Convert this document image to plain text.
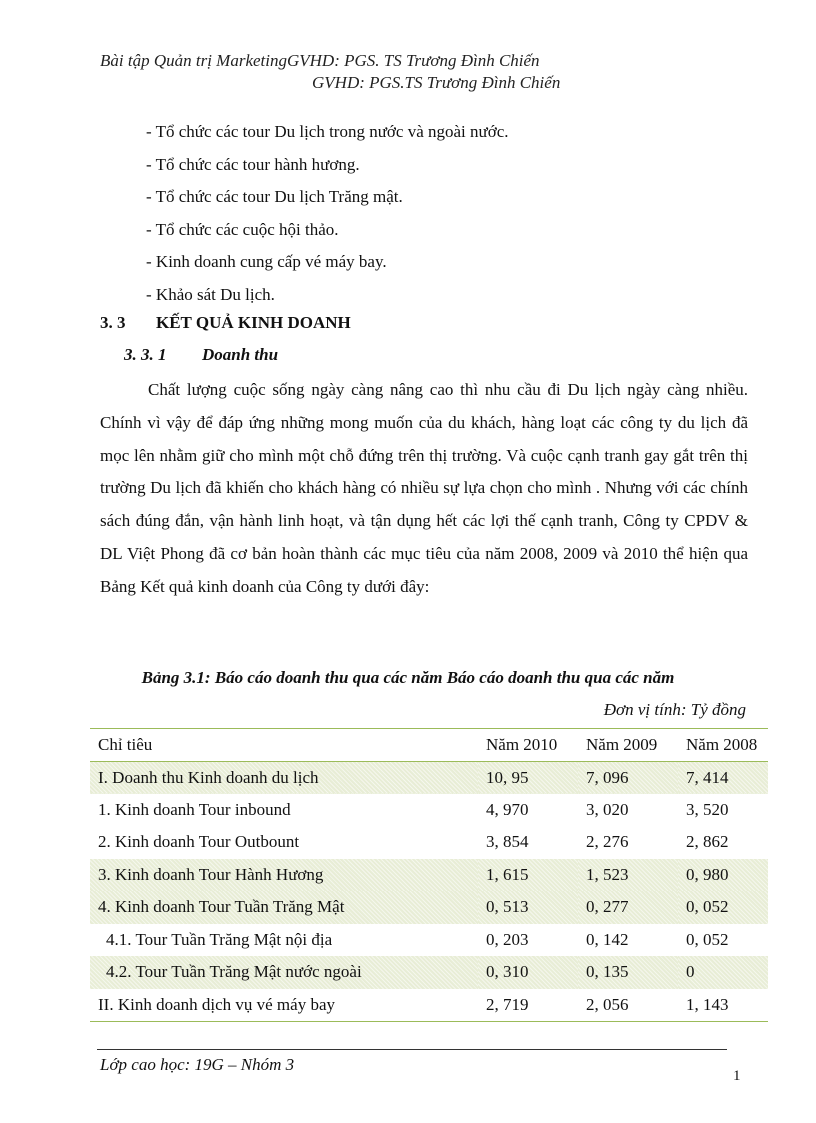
Bài tập Quản trị MarketingGVHD: PGS. TS Trương Đình Chiến
GVHD: PGS.TS Trương Đình Chiến
- Tổ chức các tour Du lịch trong nước và ngoài nước.
- Tổ chức các tour hành hương.
- Tổ chức các tour Du lịch Trăng mật.
- Tổ chức các cuộc hội thảo.
- Kinh doanh cung cấp vé máy bay.
- Khảo sát Du lịch.
3. 3 KẾT QUẢ KINH DOANH
3. 3. 1 Doanh thu
Chất lượng cuộc sống ngày càng nâng cao thì nhu cầu đi Du lịch ngày càng nhiều. Chính vì vậy để đáp ứng những mong muốn của du khách, hàng loạt các công ty du lịch đã mọc lên nhằm giữ cho mình một chỗ đứng trên thị trường. Và cuộc cạnh tranh gay gắt trên thị trường Du lịch đã khiến cho khách hàng có nhiều sự lựa chọn cho mình . Nhưng với các chính sách đúng đắn, vận hành linh hoạt, và tận dụng hết các lợi thế cạnh tranh, Công ty CPDV & DL Việt Phong đã cơ bản hoàn thành các mục tiêu của năm 2008, 2009 và 2010 thể hiện qua Bảng Kết quả kinh doanh của Công ty dưới đây:
Bảng 3.1: Báo cáo doanh thu qua các năm Báo cáo doanh thu qua các năm
Đơn vị tính: Tỷ đồng
Chỉ tiêu	Năm 2010	Năm 2009	Năm 2008
I. Doanh thu Kinh doanh du lịch	10, 95	7, 096	7, 414
1. Kinh doanh Tour inbound	4, 970	3, 020	3, 520
2. Kinh doanh Tour Outbount	3, 854	2, 276	2, 862
3. Kinh doanh Tour Hành Hương	1, 615	1, 523	0, 980
4. Kinh doanh Tour Tuần Trăng Mật	0, 513	0, 277	0, 052
4.1. Tour Tuần Trăng Mật nội địa	0, 203	0, 142	0, 052
4.2. Tour Tuần Trăng Mật nước ngoài	0, 310	0, 135	0
II. Kinh doanh dịch vụ vé máy bay	2, 719	2, 056	1, 143
Lớp cao học: 19G – Nhóm 3
1
